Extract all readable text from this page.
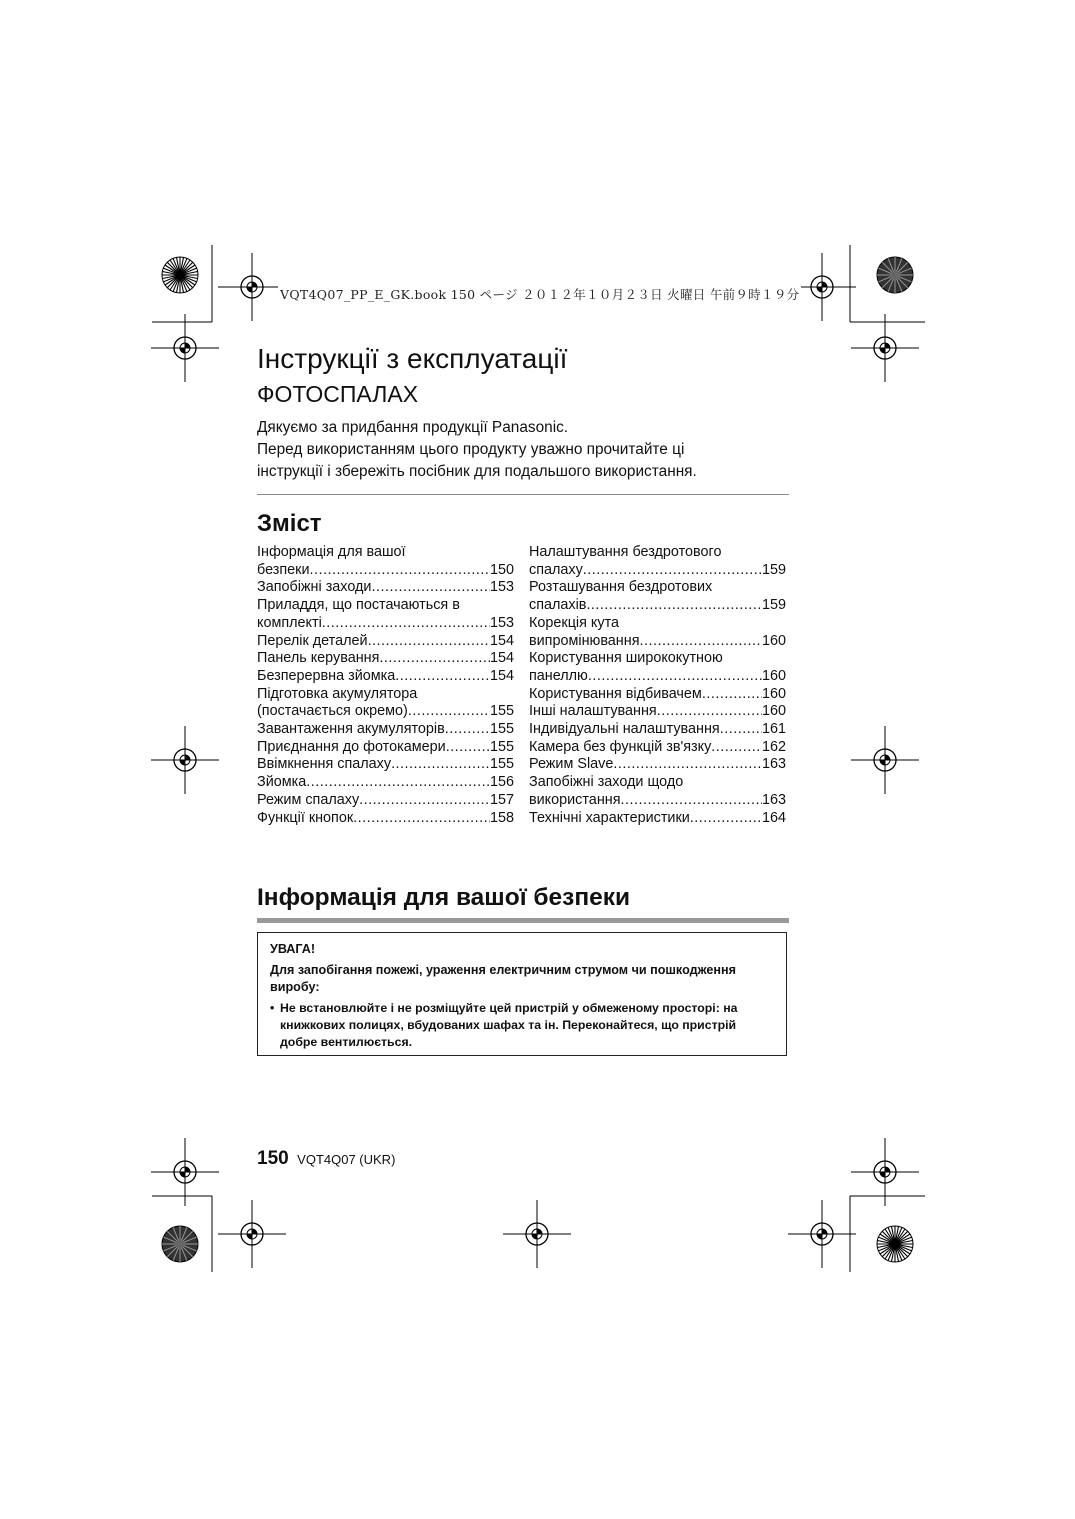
VQT4Q07_PP_E_GK.book 150 ページ ２０１２年１０月２３日 火曜日 午前９時１９分
Інструкції з експлуатації
ФОТОСПАЛАХ
Дякуємо за придбання продукції Panasonic.
Перед використанням цього продукту уважно прочитайте ці
інструкції і збережіть посібник для подальшого використання.
Зміст
Інформація для вашої
безпеки .....	150
Запобіжні заходи .....	153
Приладдя, що постачаються в
комплекті .....	153
Перелік деталей .....	154
Панель керування .....	154
Безперервна зйомка .....	154
Підготовка акумулятора
(постачається окремо) .....	155
Завантаження акумуляторів .....	155
Приєднання до фотокамери .....	155
Ввімкнення спалаху .....	155
Зйомка .....	156
Режим спалаху .....	157
Функції кнопок .....	158
Налаштування бездротового
спалаху .....	159
Розташування бездротових
спалахів .....	159
Корекція кута
випромінювання .....	160
Користування ширококутною
панеллю .....	160
Користування відбивачем .....	160
Інші налаштування .....	160
Індивідуальні налаштування .....	161
Камера без функцій зв'язку .....	162
Режим Slave .....	163
Запобіжні заходи щодо
використання .....	163
Технічні характеристики .....	164
Інформація для вашої безпеки
УВАГА!
Для запобігання пожежі, ураження електричним струмом чи пошкодження виробу:
• Не встановлюйте і не розміщуйте цей пристрій у обмеженому просторі: на книжкових полицях, вбудованих шафах та ін. Переконайтеся, що пристрій добре вентилюється.
150 VQT4Q07 (UKR)
